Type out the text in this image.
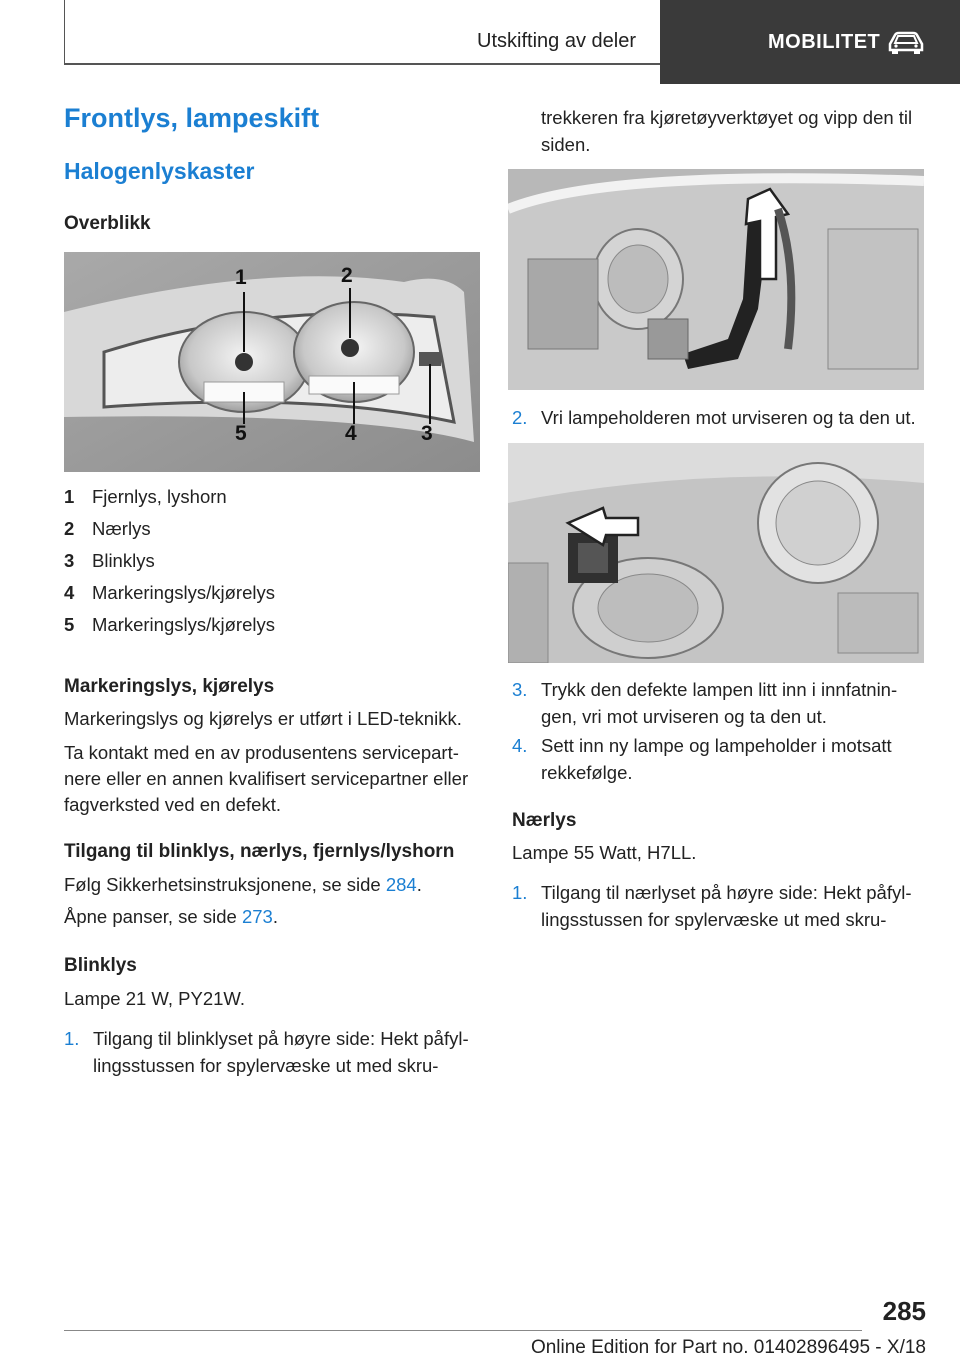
Utskifting av deler	MOBILITET
Frontlys, lampeskift
Halogenlyskaster
Overblikk
1	2
3
4
5
1 Fjernlys, lyshorn
2 Nærlys
3 Blinklys
4 Markeringslys/kjørelys
5 Markeringslys/kjørelys
Markeringslys, kjørelys
Markeringslys og kjørelys er utført i LED-teknikk.
Ta kontakt med en av produsentens servicepart‐
nere eller en annen kvalifisert servicepartner eller
fagverksted ved en defekt.
Tilgang til blinklys, nærlys, fjernlys/lyshorn
Følg Sikkerhetsinstruksjonene, se side 284.
Åpne panser, se side 273.
Blinklys
Lampe 21 W, PY21W.
1. Tilgang til blinklyset på høyre side: Hekt påfyl‐
lingsstussen for spylervæske ut med skru‐
trekkeren fra kjøretøyverktøyet og vipp den til
siden.
2. Vri lampeholderen mot urviseren og ta den ut.
3. Trykk den defekte lampen litt inn i innfatnin‐
gen, vri mot urviseren og ta den ut.
4. Sett inn ny lampe og lampeholder i motsatt
rekkefølge.
Nærlys
Lampe 55 Watt, H7LL.
1. Tilgang til nærlyset på høyre side: Hekt påfyl‐
lingsstussen for spylervæske ut med skru‐
285
Online Edition for Part no. 01402896495 - X/18
